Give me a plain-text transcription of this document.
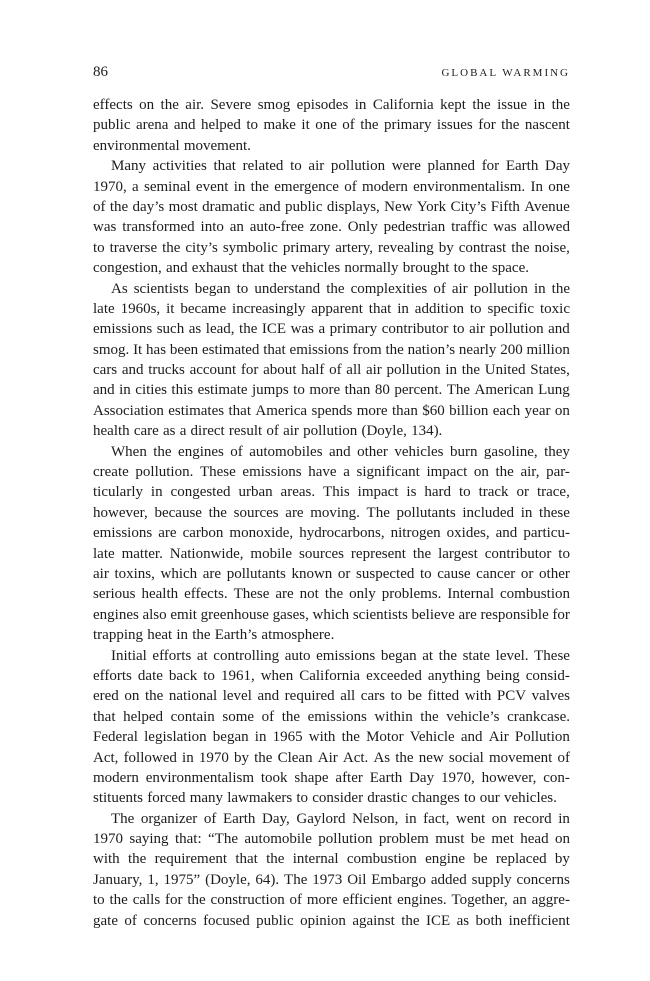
86	GLOBAL WARMING
effects on the air. Severe smog episodes in California kept the issue in the
public arena and helped to make it one of the primary issues for the nascent
environmental movement.
Many activities that related to air pollution were planned for Earth Day
1970, a seminal event in the emergence of modern environmentalism. In one
of the day’s most dramatic and public displays, New York City’s Fifth Avenue
was transformed into an auto-free zone. Only pedestrian traffic was allowed
to traverse the city’s symbolic primary artery, revealing by contrast the noise,
congestion, and exhaust that the vehicles normally brought to the space.
As scientists began to understand the complexities of air pollution in the
late 1960s, it became increasingly apparent that in addition to specific toxic
emissions such as lead, the ICE was a primary contributor to air pollution and
smog. It has been estimated that emissions from the nation’s nearly 200 million
cars and trucks account for about half of all air pollution in the United States,
and in cities this estimate jumps to more than 80 percent. The American Lung
Association estimates that America spends more than $60 billion each year on
health care as a direct result of air pollution (Doyle, 134).
When the engines of automobiles and other vehicles burn gasoline, they
create pollution. These emissions have a significant impact on the air, par-
ticularly in congested urban areas. This impact is hard to track or trace,
however, because the sources are moving. The pollutants included in these
emissions are carbon monoxide, hydrocarbons, nitrogen oxides, and particu-
late matter. Nationwide, mobile sources represent the largest contributor to
air toxins, which are pollutants known or suspected to cause cancer or other
serious health effects. These are not the only problems. Internal combustion
engines also emit greenhouse gases, which scientists believe are responsible for
trapping heat in the Earth’s atmosphere.
Initial efforts at controlling auto emissions began at the state level. These
efforts date back to 1961, when California exceeded anything being consid-
ered on the national level and required all cars to be fitted with PCV valves
that helped contain some of the emissions within the vehicle’s crankcase.
Federal legislation began in 1965 with the Motor Vehicle and Air Pollution
Act, followed in 1970 by the Clean Air Act. As the new social movement of
modern environmentalism took shape after Earth Day 1970, however, con-
stituents forced many lawmakers to consider drastic changes to our vehicles.
The organizer of Earth Day, Gaylord Nelson, in fact, went on record in
1970 saying that: “The automobile pollution problem must be met head on
with the requirement that the internal combustion engine be replaced by
January, 1, 1975” (Doyle, 64). The 1973 Oil Embargo added supply concerns
to the calls for the construction of more efficient engines. Together, an aggre-
gate of concerns focused public opinion against the ICE as both inefficient
